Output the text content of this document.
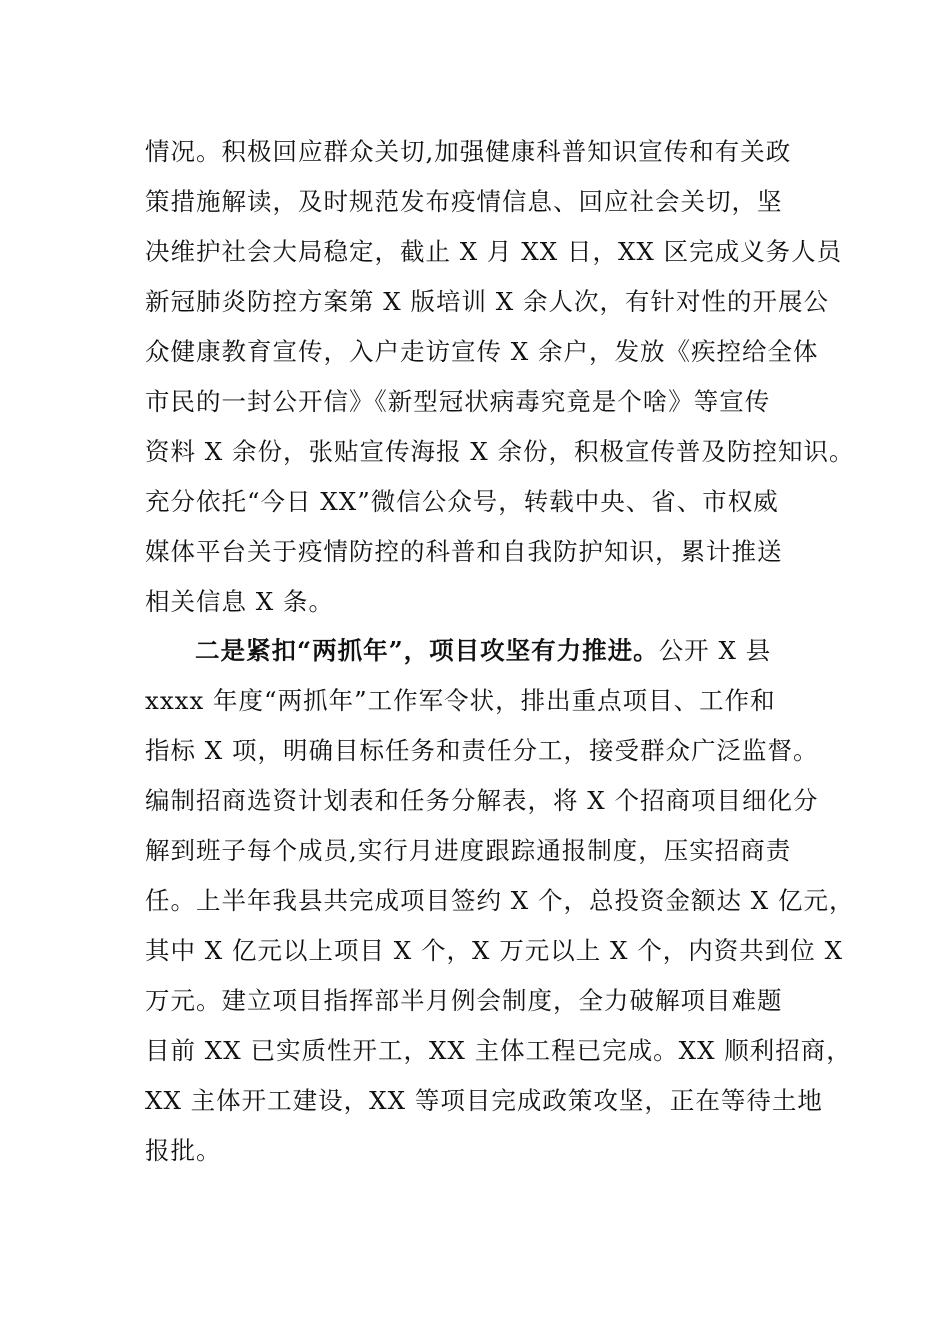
情况。积极回应群众关切,加强健康科普知识宣传和有关政
策措施解读，及时规范发布疫情信息、回应社会关切，坚
决维护社会大局稳定，截止 X 月 XX 日，XX 区完成义务人员
新冠肺炎防控方案第 X 版培训 X 余人次，有针对性的开展公
众健康教育宣传，入户走访宣传 X 余户，发放《疾控给全体
市民的一封公开信》《新型冠状病毒究竟是个啥》等宣传
资料 X 余份，张贴宣传海报 X 余份，积极宣传普及防控知识。
充分依托“今日 XX”微信公众号，转载中央、省、市权威
媒体平台关于疫情防控的科普和自我防护知识，累计推送
相关信息 X 条。
二是紧扣“两抓年”，项目攻坚有力推进。公开 X 县
xxxx 年度“两抓年”工作军令状，排出重点项目、工作和
指标 X 项，明确目标任务和责任分工，接受群众广泛监督。
编制招商选资计划表和任务分解表，将 X 个招商项目细化分
解到班子每个成员,实行月进度跟踪通报制度，压实招商责
任。上半年我县共完成项目签约 X 个，总投资金额达 X 亿元，
其中 X 亿元以上项目 X 个，X 万元以上 X 个，内资共到位 X
万元。建立项目指挥部半月例会制度，全力破解项目难题
目前 XX 已实质性开工，XX 主体工程已完成。XX 顺利招商，
XX 主体开工建设，XX 等项目完成政策攻坚，正在等待土地
报批。
